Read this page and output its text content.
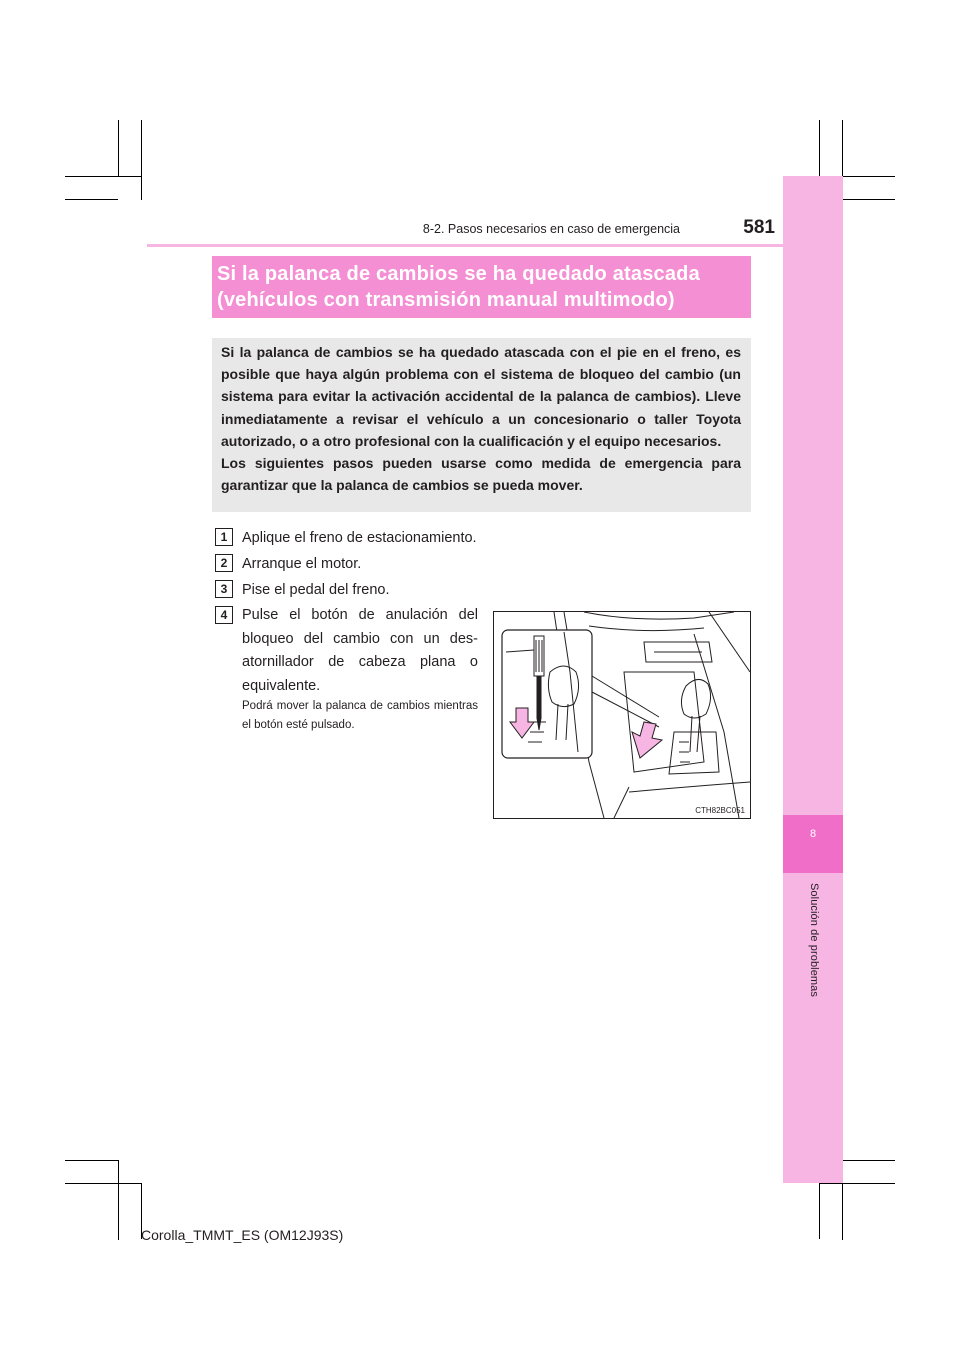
8
Solución de problemas
8-2. Pasos necesarios en caso de emergencia	581
Si la palanca de cambios se ha quedado atascada
(vehículos con transmisión manual multimodo)

Si la palanca de cambios se ha quedado atascada con el pie en el freno, es posible que haya algún problema con el sistema de bloqueo del cambio (un sistema para evitar la activación accidental de la palanca de cambios). Lleve inmediatamente a revisar el vehículo a un concesionario o taller Toyota autorizado, o a otro profesional con la cualificación y el equipo necesarios.

Los siguientes pasos pueden usarse como medida de emergencia para garantizar que la palanca de cambios se pueda mover.

1	Aplique el freno de estacionamiento.
2	Arranque el motor.
3	Pise el pedal del freno.
4	Pulse el botón de anulación del bloqueo del cambio con un desatornillador de cabeza plana o equivalente.
Podrá mover la palanca de cambios mientras el botón esté pulsado.
CTH82BC051
Corolla_TMMT_ES (OM12J93S)
